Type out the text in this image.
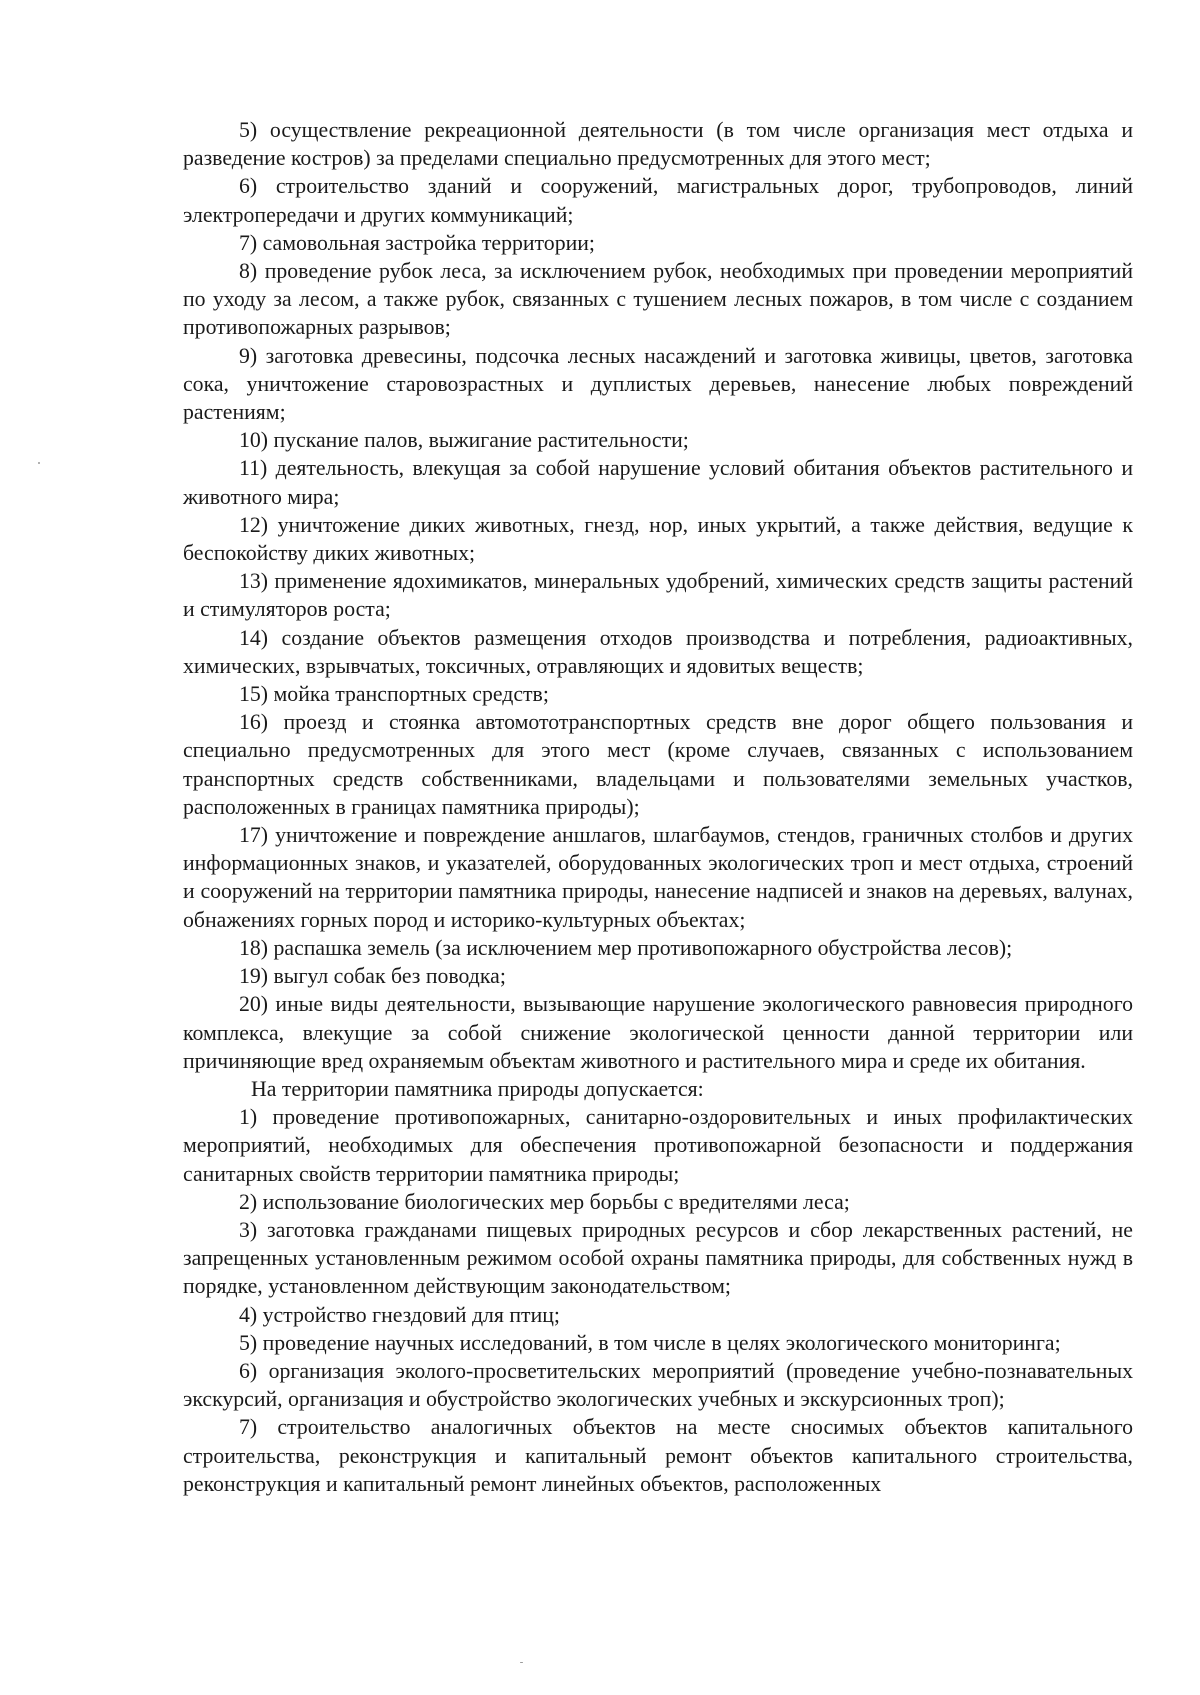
5) осуществление рекреационной деятельности (в том числе организация мест отдыха и разведение костров) за пределами специально предусмотренных для этого мест;

6) строительство зданий и сооружений, магистральных дорог, трубопроводов, линий электропередачи и других коммуникаций;

7) самовольная застройка территории;

8) проведение рубок леса, за исключением рубок, необходимых при проведении мероприятий по уходу за лесом, а также рубок, связанных с тушением лесных пожаров, в том числе с созданием противопожарных разрывов;

9) заготовка древесины, подсочка лесных насаждений и заготовка живицы, цветов, заготовка сока, уничтожение старовозрастных и дуплистых деревьев, нанесение любых повреждений растениям;

10) пускание палов, выжигание растительности;

11) деятельность, влекущая за собой нарушение условий обитания объектов растительного и животного мира;

12) уничтожение диких животных, гнезд, нор, иных укрытий, а также действия, ведущие к беспокойству диких животных;

13) применение ядохимикатов, минеральных удобрений, химических средств защиты растений и стимуляторов роста;

14) создание объектов размещения отходов производства и потребления, радиоактивных, химических, взрывчатых, токсичных, отравляющих и ядовитых веществ;

15) мойка транспортных средств;

16) проезд и стоянка автомототранспортных средств вне дорог общего пользования и специально предусмотренных для этого мест (кроме случаев, связанных с использованием транспортных средств собственниками, владельцами и пользователями земельных участков, расположенных в границах памятника природы);

17) уничтожение и повреждение аншлагов, шлагбаумов, стендов, граничных столбов и других информационных знаков, и указателей, оборудованных экологических троп и мест отдыха, строений и сооружений на территории памятника природы, нанесение надписей и знаков на деревьях, валунах, обнажениях горных пород и историко-культурных объектах;

18) распашка земель (за исключением мер противопожарного обустройства лесов);

19) выгул собак без поводка;

20) иные виды деятельности, вызывающие нарушение экологического равновесия природного комплекса, влекущие за собой снижение экологической ценности данной территории или причиняющие вред охраняемым объектам животного и растительного мира и среде их обитания.

На территории памятника природы допускается:

1) проведение противопожарных, санитарно-оздоровительных и иных профилактических мероприятий, необходимых для обеспечения противопожарной безопасности и поддержания санитарных свойств территории памятника природы;

2) использование биологических мер борьбы с вредителями леса;

3) заготовка гражданами пищевых природных ресурсов и сбор лекарственных растений, не запрещенных установленным режимом особой охраны памятника природы, для собственных нужд в порядке, установленном действующим законодательством;

4) устройство гнездовий для птиц;

5) проведение научных исследований, в том числе в целях экологического мониторинга;

6) организация эколого-просветительских мероприятий (проведение учебно-познавательных экскурсий, организация и обустройство экологических учебных и экскурсионных троп);

7) строительство аналогичных объектов на месте сносимых объектов капитального строительства, реконструкция и капитальный ремонт объектов капитального строительства, реконструкция и капитальный ремонт линейных объектов, расположенных
